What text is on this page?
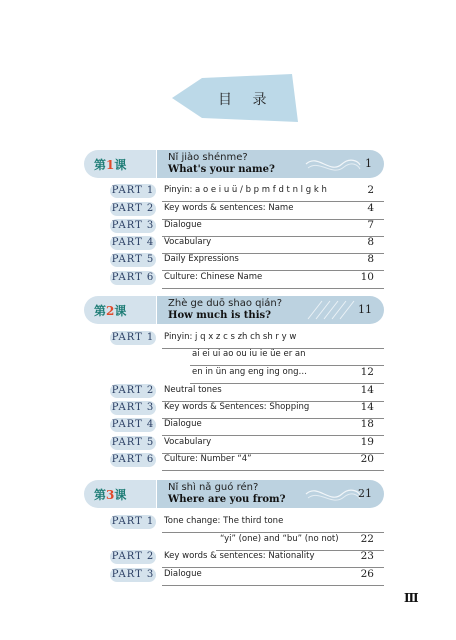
目 录
第1课
Nǐ jiào shénme?
What's your name?	1
PART 1 Pinyin: a o e i u ü / b p m f d t n l g k h	2
PART 2 Key words & sentences: Name	4
PART 3 Dialogue	7
PART 4 Vocabulary	8
PART 5 Daily Expressions	8
PART 6 Culture: Chinese Name	10
第2课
Zhè ge duō shao qián?
How much is this?	11
PART 1 Pinyin: j q x z c s zh ch sh r y w
ai ei ui ao ou iu ie üe er an
en in ün ang eng ing ong…	12
PART 2 Neutral tones	14
PART 3 Key words & Sentences: Shopping	14
PART 4 Dialogue	18
PART 5 Vocabulary	19
PART 6 Culture: Number “4”	20
第3课
Nǐ shì nǎ guó rén?
Where are you from?	21
PART 1 Tone change: The third tone
“yi” (one) and “bu” (no not) 22
PART 2 Key words & sentences: Nationality	23
PART 3 Dialogue	26
Ⅲ
